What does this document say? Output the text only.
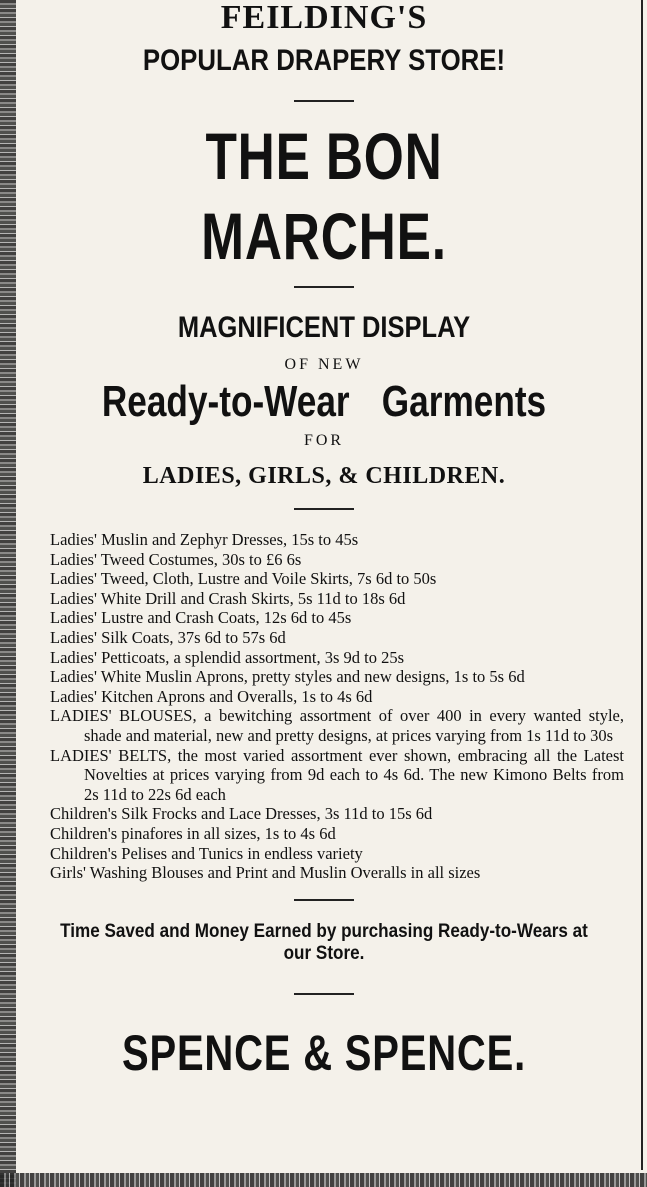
FEILDING'S
POPULAR DRAPERY STORE!
THE BON MARCHE.
MAGNIFICENT DISPLAY
OF NEW
Ready-to-Wear Garments
FOR
LADIES, GIRLS, & CHILDREN.
Ladies' Muslin and Zephyr Dresses, 15s to 45s
Ladies' Tweed Costumes, 30s to £6 6s
Ladies' Tweed, Cloth, Lustre and Voile Skirts, 7s 6d to 50s
Ladies' White Drill and Crash Skirts, 5s 11d to 18s 6d
Ladies' Lustre and Crash Coats, 12s 6d to 45s
Ladies' Silk Coats, 37s 6d to 57s 6d
Ladies' Petticoats, a splendid assortment, 3s 9d to 25s
Ladies' White Muslin Aprons, pretty styles and new designs, 1s to 5s 6d
Ladies' Kitchen Aprons and Overalls, 1s to 4s 6d
LADIES' BLOUSES, a bewitching assortment of over 400 in every wanted style, shade and material, new and pretty designs, at prices varying from 1s 11d to 30s
LADIES' BELTS, the most varied assortment ever shown, embracing all the Latest Novelties at prices varying from 9d each to 4s 6d. The new Kimono Belts from 2s 11d to 22s 6d each
Children's Silk Frocks and Lace Dresses, 3s 11d to 15s 6d
Children's pinafores in all sizes, 1s to 4s 6d
Children's Pelises and Tunics in endless variety
Girls' Washing Blouses and Print and Muslin Overalls in all sizes
Time Saved and Money Earned by purchasing Ready-to-Wears at our Store.
SPENCE & SPENCE.
